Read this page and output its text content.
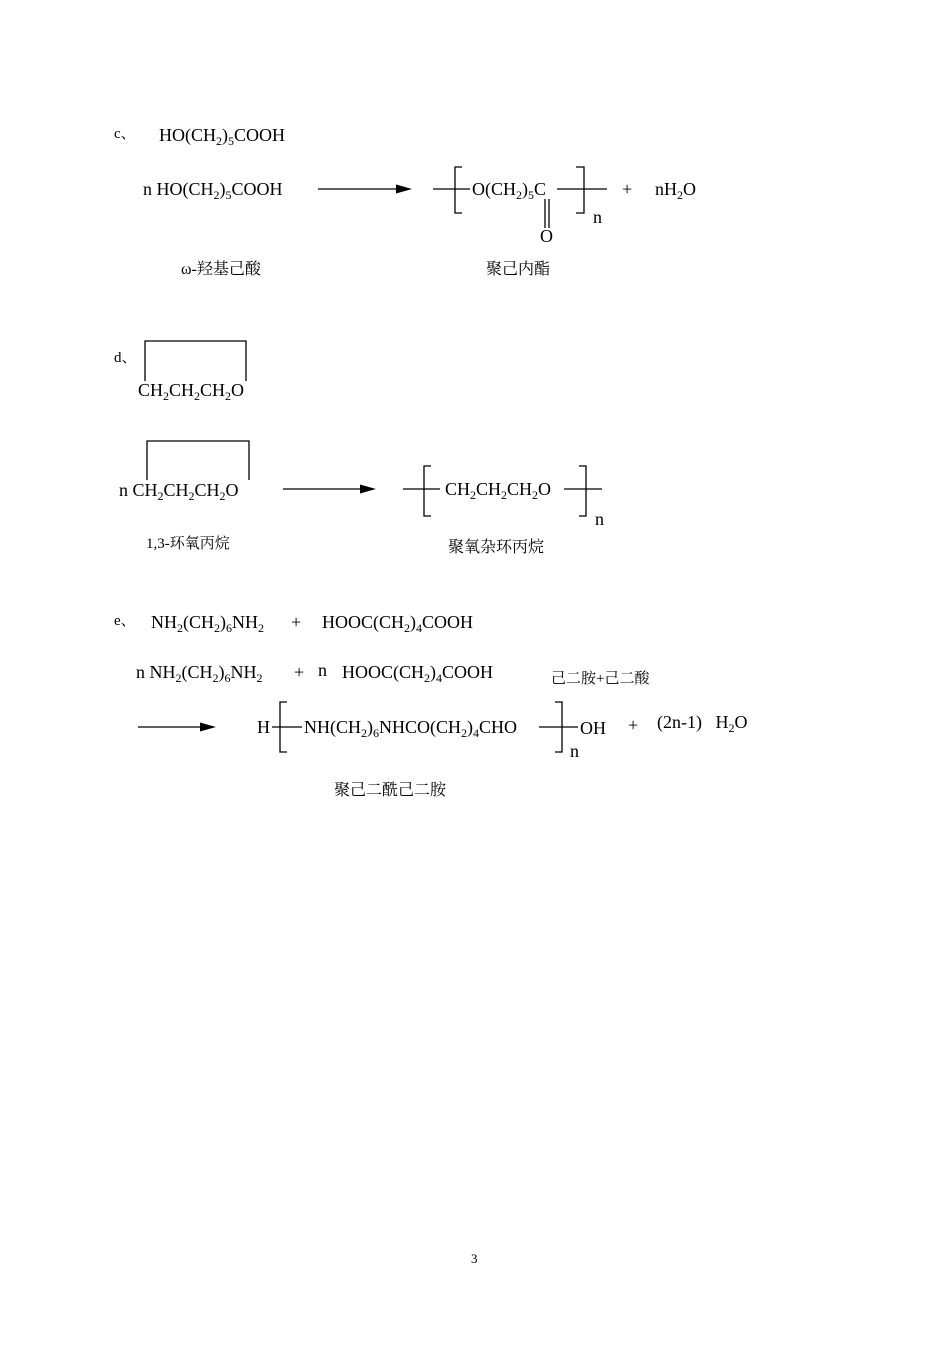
c、 $HO(CH_2)_5COOH$
n $HO(CH_2)_5COOH$	$O(CH_2)_5C$
O
n
+ $nH_2O$
ω-羟基己酸	聚己内酯
d、
$CH_2CH_2CH_2O$
n $CH_2CH_2CH_2O$	$CH_2CH_2CH_2O$
n
1,3-环氧丙烷	聚氧杂环丙烷
e、 $NH_2(CH_2)_6NH_2$ + $HOOC(CH_2)_4COOH$
n $NH_2(CH_2)_6NH_2 + n$ $HOOC(CH_2)_4COOH$	己二胺+己二酸
H $NH(CH_2)_6NHCO(CH_2)_4CHO$	OH
n
+ (2n-1) $H_2O$
聚己二酰己二胺
3
